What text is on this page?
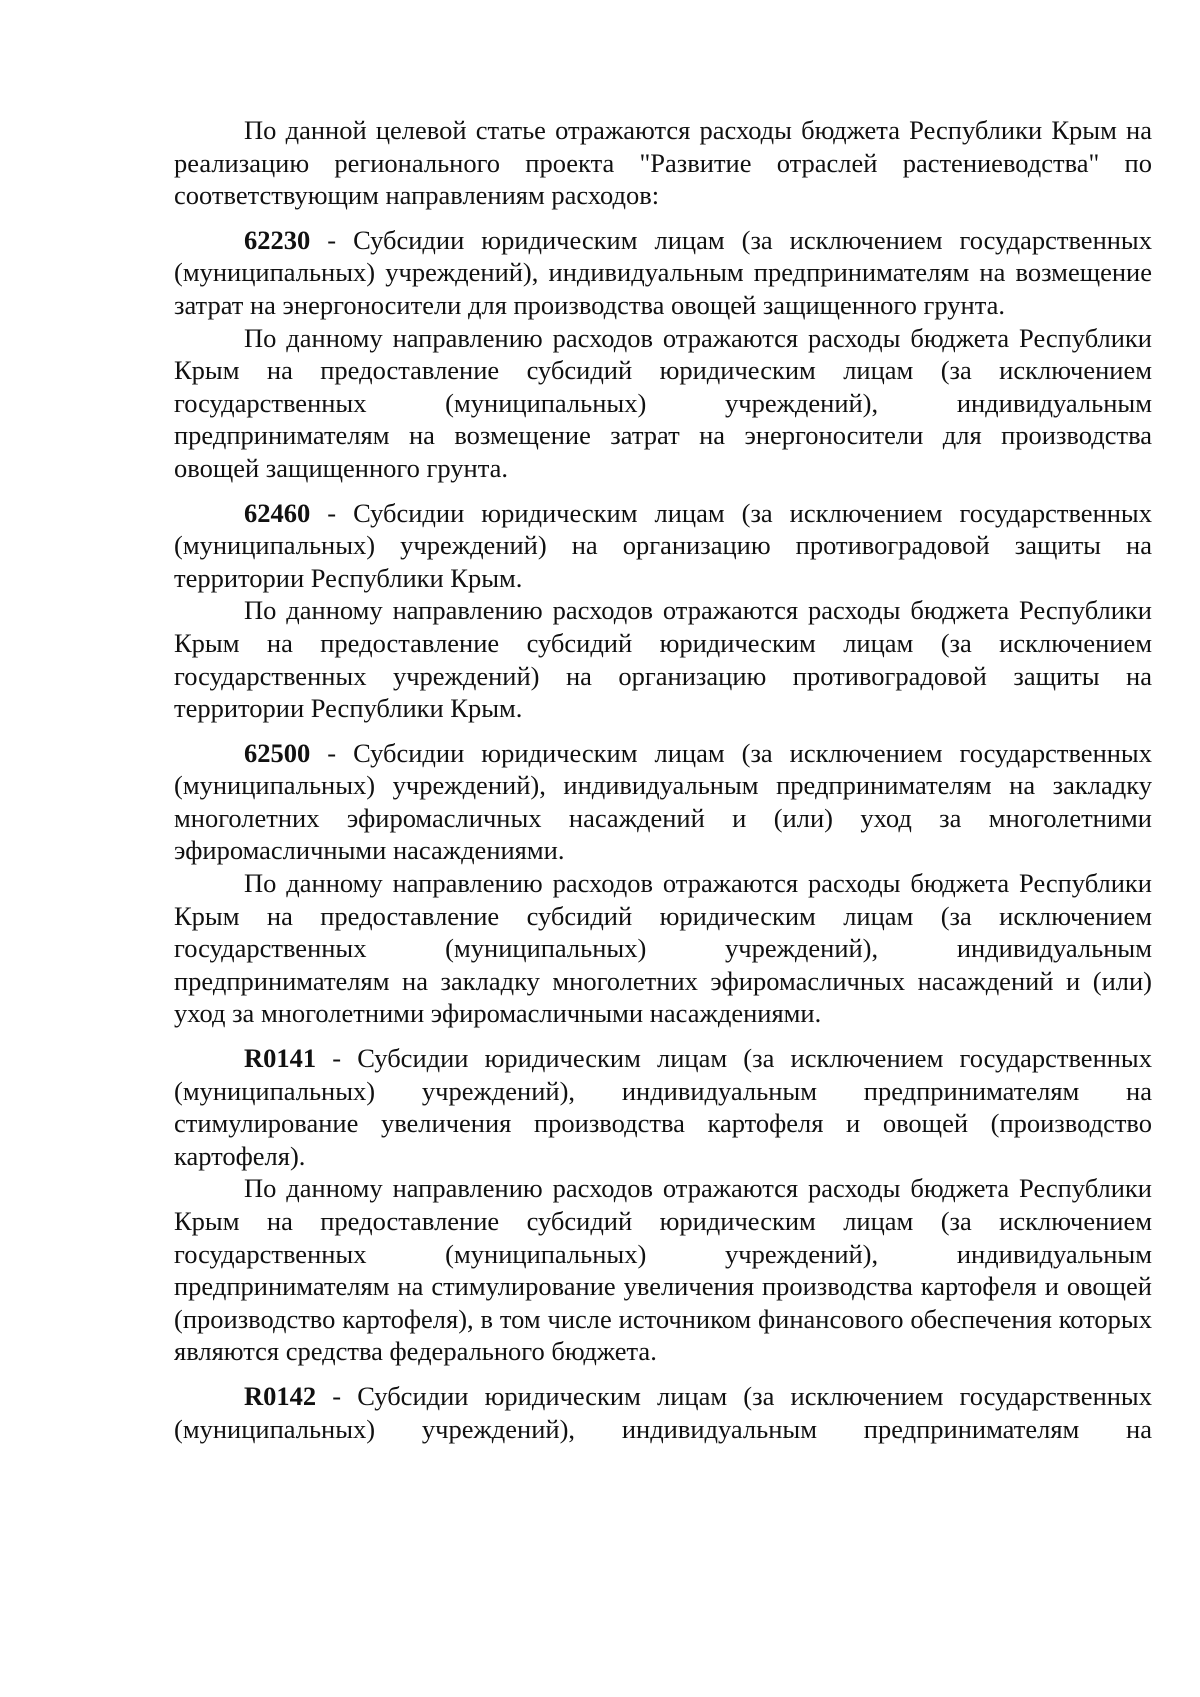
По данной целевой статье отражаются расходы бюджета Республики Крым на реализацию регионального проекта "Развитие отраслей растениеводства" по соответствующим направлениям расходов:

62230 - Субсидии юридическим лицам (за исключением государственных (муниципальных) учреждений), индивидуальным предпринимателям на возмещение затрат на энергоносители для производства овощей защищенного грунта.

По данному направлению расходов отражаются расходы бюджета Республики Крым на предоставление субсидий юридическим лицам (за исключением государственных (муниципальных) учреждений), индивидуальным предпринимателям на возмещение затрат на энергоносители для производства овощей защищенного грунта.

62460 - Субсидии юридическим лицам (за исключением государственных (муниципальных) учреждений) на организацию противоградовой защиты на территории Республики Крым.

По данному направлению расходов отражаются расходы бюджета Республики Крым на предоставление субсидий юридическим лицам (за исключением государственных учреждений) на организацию противоградовой защиты на территории Республики Крым.

62500 - Субсидии юридическим лицам (за исключением государственных (муниципальных) учреждений), индивидуальным предпринимателям на закладку многолетних эфиромасличных насаждений и (или) уход за многолетними эфиромасличными насаждениями.

По данному направлению расходов отражаются расходы бюджета Республики Крым на предоставление субсидий юридическим лицам (за исключением государственных (муниципальных) учреждений), индивидуальным предпринимателям на закладку многолетних эфиромасличных насаждений и (или) уход за многолетними эфиромасличными насаждениями.

R0141 - Субсидии юридическим лицам (за исключением государственных (муниципальных) учреждений), индивидуальным предпринимателям на стимулирование увеличения производства картофеля и овощей (производство картофеля).

По данному направлению расходов отражаются расходы бюджета Республики Крым на предоставление субсидий юридическим лицам (за исключением государственных (муниципальных) учреждений), индивидуальным предпринимателям на стимулирование увеличения производства картофеля и овощей (производство картофеля), в том числе источником финансового обеспечения которых являются средства федерального бюджета.

R0142 - Субсидии юридическим лицам (за исключением государственных (муниципальных) учреждений), индивидуальным предпринимателям на
